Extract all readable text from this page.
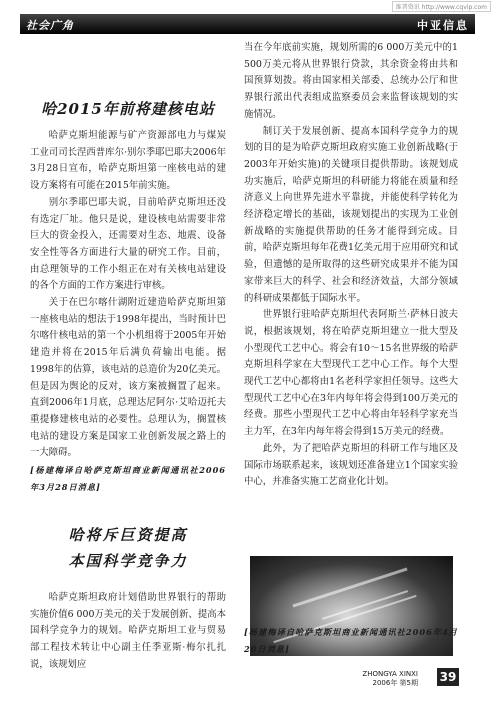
维普资讯 http://www.cqvip.com
社会广角	中亚信息
哈2015年前将建核电站

哈萨克斯坦能源与矿产资源部电力与煤炭工业司司长涅西普库尔·别尔季耶巴耶夫2006年3月28日宣布，哈萨克斯坦第一座核电站的建设方案将有可能在2015年前实施。

别尔季耶巴耶夫说，目前哈萨克斯坦还没有选定厂址。他只是说，建设核电站需要非常巨大的资金投入，还需要对生态、地震、设备安全性等各方面进行大量的研究工作。目前，由总理领导的工作小组正在对有关核电站建设的各个方面的工作方案进行审核。

关于在巴尔喀什湖附近建造哈萨克斯坦第一座核电站的想法于1998年提出，当时预计巴尔喀什核电站的第一个小机组将于2005年开始建造并将在2015年后满负荷输出电能。据1998年的估算，该电站的总造价为20亿美元。但是因为舆论的反对，该方案被搁置了起来。直到2006年1月底，总理达尼阿尔·艾哈迈托夫重提修建核电站的必要性。总理认为，搁置核电站的建设方案是国家工业创新发展之路上的一大障碍。

[杨建梅译自哈萨克斯坦商业新闻通讯社2006年3月28日消息]

哈将斥巨资提高
本国科学竞争力

哈萨克斯坦政府计划借助世界银行的帮助实施价值6 000万美元的关于发展创新、提高本国科学竞争力的规划。哈萨克斯坦工业与贸易部工程技术转让中心副主任季亚斯·梅尔扎扎说，该规划应

当在今年底前实施，规划所需的6 000万美元中的1 500万美元将从世界银行贷款，其余资金将由共和国预算划拨。将由国家相关部委、总统办公厅和世界银行派出代表组成监察委员会来监督该规划的实施情况。

制订关于发展创新、提高本国科学竞争力的规划的目的是为哈萨克斯坦政府实施工业创新战略(于2003年开始实施)的关键项目提供帮助。该规划成功实施后，哈萨克斯坦的科研能力将能在质量和经济意义上向世界先进水平靠拢，并能使科学转化为经济稳定增长的基础，该规划提出的实现为工业创新战略的实施提供帮助的任务才能得到完成。目前，哈萨克斯坦每年花费1亿美元用于应用研究和试验，但遗憾的是所取得的这些研究成果并不能为国家带来巨大的科学、社会和经济效益，大部分领域的科研成果都低于国际水平。

世界银行驻哈萨克斯坦代表阿斯兰·萨林日波夫说，根据该规划，将在哈萨克斯坦建立一批大型及小型现代工艺中心。将会有10～15名世界级的哈萨克斯坦科学家在大型现代工艺中心工作。每个大型现代工艺中心都将由1名老科学家担任领导。这些大型现代工艺中心在3年内每年将会得到100万美元的经费。那些小型现代工艺中心将由年轻科学家充当主力军，在3年内每年将会得到15万美元的经费。

此外，为了把哈萨克斯坦的科研工作与地区及国际市场联系起来，该规划还准备建立1个国家实验中心，并准备实施工艺商业化计划。

[杨建梅译自哈萨克斯坦商业新闻通讯社2006年4月20日消息]

ZHONGYA XINXI
2006年 第5期 39
